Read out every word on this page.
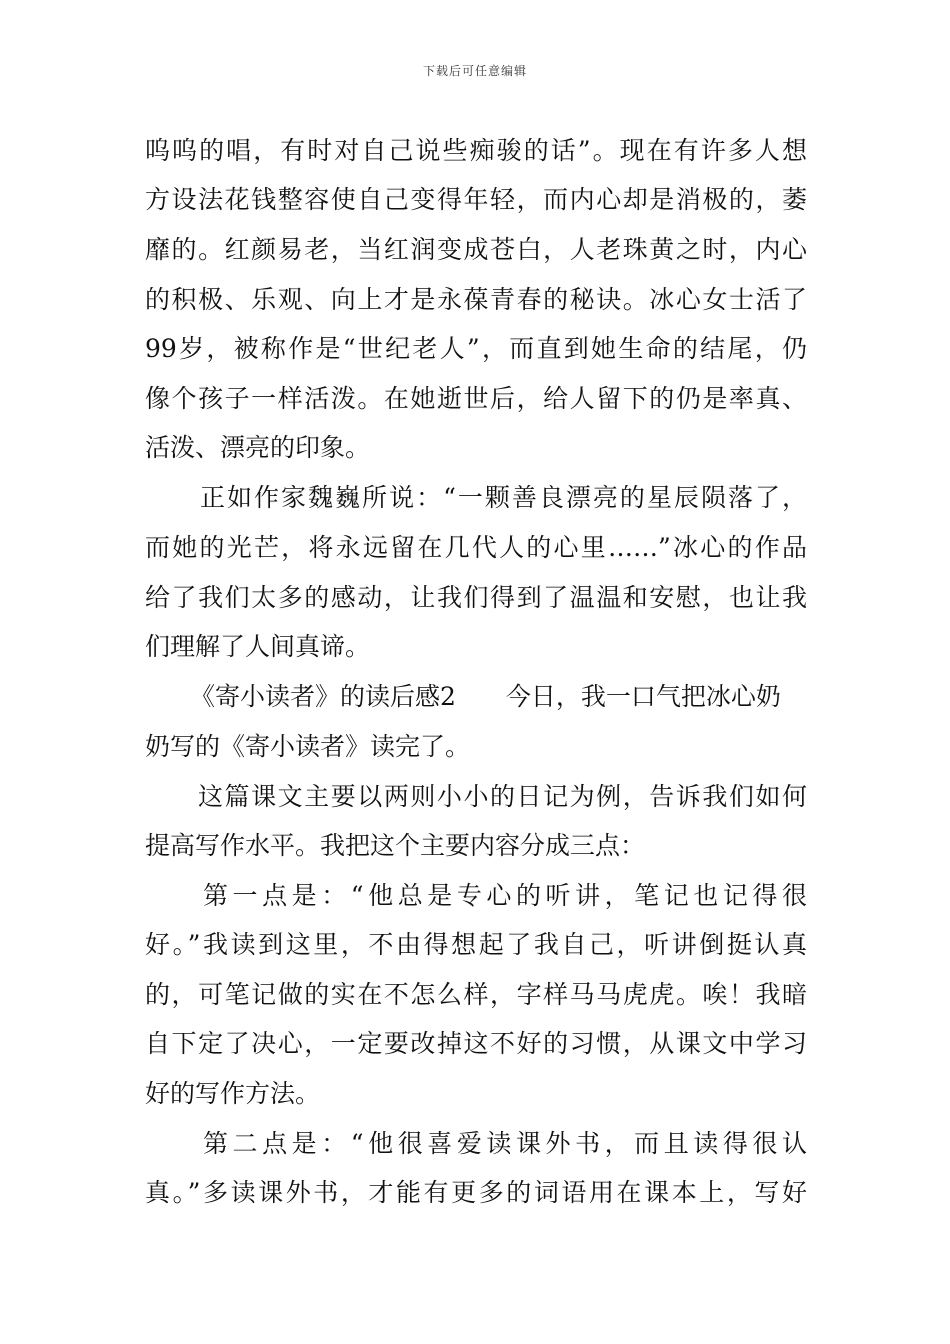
下载后可任意编辑
呜呜的唱，有时对自己说些痴骏的话”。现在有许多人想
方设法花钱整容使自己变得年轻，而内心却是消极的，萎
靡的。红颜易老，当红润变成苍白，人老珠黄之时，内心
的积极、乐观、向上才是永葆青春的秘诀。冰心女士活了
99岁，被称作是“世纪老人”，而直到她生命的结尾，仍
像个孩子一样活泼。在她逝世后，给人留下的仍是率真、
活泼、漂亮的印象。
正如作家魏巍所说：“一颗善良漂亮的星辰陨落了，
而她的光芒，将永远留在几代人的心里……”冰心的作品
给了我们太多的感动，让我们得到了温温和安慰，也让我
们理解了人间真谛。
《寄小读者》的读后感2　　今日，我一口气把冰心奶
奶写的《寄小读者》读完了。
这篇课文主要以两则小小的日记为例，告诉我们如何
提高写作水平。我把这个主要内容分成三点：
第一点是：“他总是专心的听讲，笔记也记得很
好。”我读到这里，不由得想起了我自己，听讲倒挺认真
的，可笔记做的实在不怎么样，字样马马虎虎。唉！我暗
自下定了决心，一定要改掉这不好的习惯，从课文中学习
好的写作方法。
第二点是：“他很喜爱读课外书，而且读得很认
真。”多读课外书，才能有更多的词语用在课本上，写好
